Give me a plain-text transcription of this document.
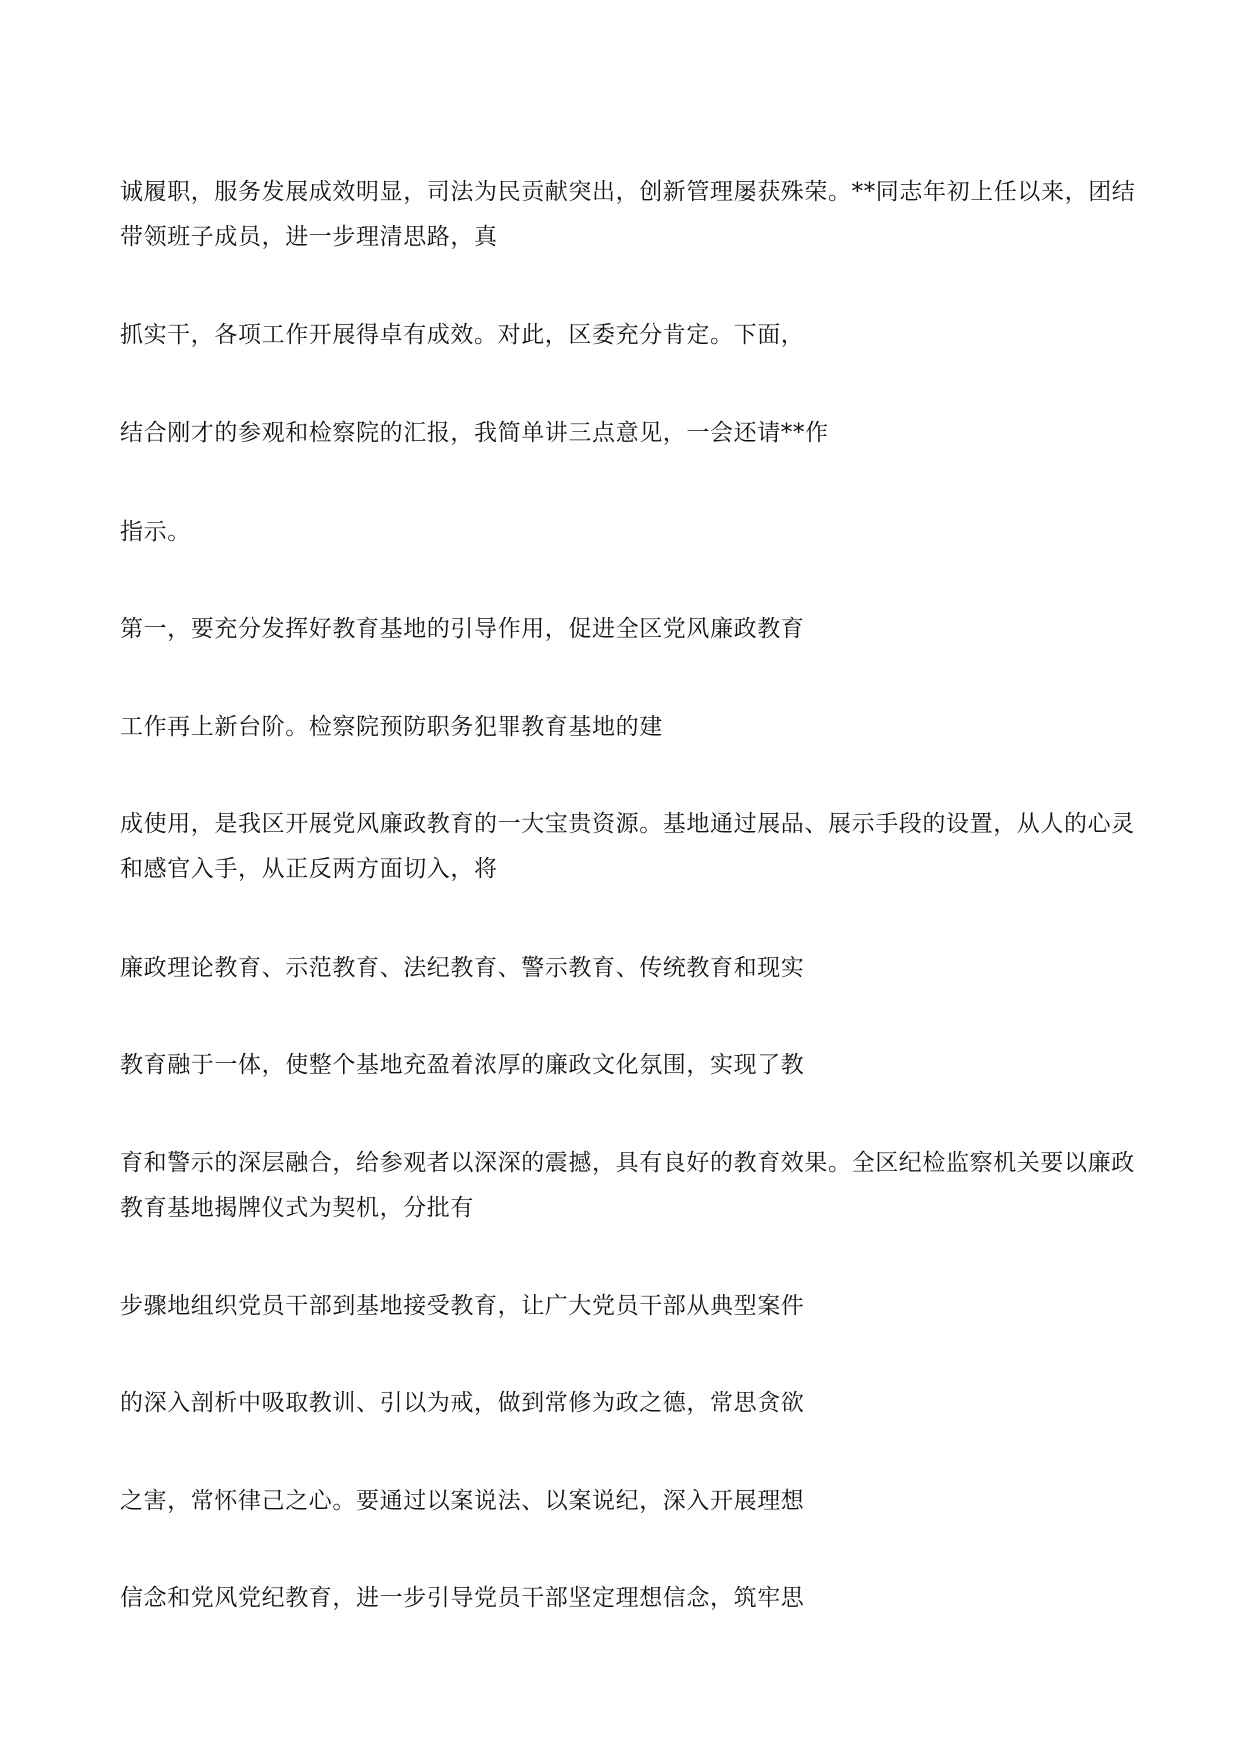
诚履职，服务发展成效明显，司法为民贡献突出，创新管理屡获殊荣。**同志年初上任以来，团结带领班子成员，进一步理清思路，真

抓实干，各项工作开展得卓有成效。对此，区委充分肯定。下面，

结合刚才的参观和检察院的汇报，我简单讲三点意见，一会还请**作

指示。

第一，要充分发挥好教育基地的引导作用，促进全区党风廉政教育

工作再上新台阶。检察院预防职务犯罪教育基地的建

成使用，是我区开展党风廉政教育的一大宝贵资源。基地通过展品、展示手段的设置，从人的心灵和感官入手，从正反两方面切入，将

廉政理论教育、示范教育、法纪教育、警示教育、传统教育和现实

教育融于一体，使整个基地充盈着浓厚的廉政文化氛围，实现了教

育和警示的深层融合，给参观者以深深的震撼，具有良好的教育效果。全区纪检监察机关要以廉政教育基地揭牌仪式为契机，分批有

步骤地组织党员干部到基地接受教育，让广大党员干部从典型案件

的深入剖析中吸取教训、引以为戒，做到常修为政之德，常思贪欲

之害，常怀律己之心。要通过以案说法、以案说纪，深入开展理想

信念和党风党纪教育，进一步引导党员干部坚定理想信念，筑牢思
